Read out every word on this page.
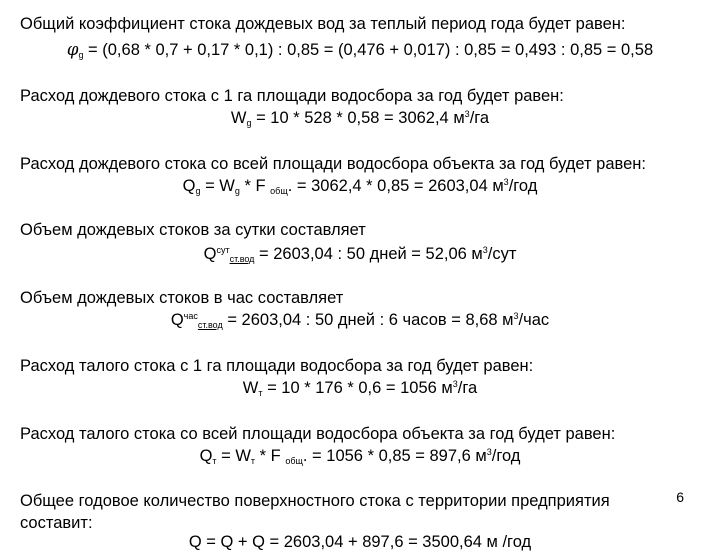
Общий коэффициент стока дождевых вод за теплый период года будет равен:
$\varphi_g = (0,68 * 0,7 + 0,17 * 0,1)$ : 0,85 = (0,476 + 0,017) : 0,85 = 0,493 : 0,85 = 0,58
Расход дождевого стока с 1 га площади водосбора за год будет равен:
$W_g = 10 * 528 * 0,58 = 3062,4$ $м^3/га$
Расход дождевого стока со всей площади водосбора объекта за год будет равен:
$Q_g = W_g * F$ $_{общ}$. = 3062,4 * 0,85 = 2603,04 $м^3$/год
Объем дождевых стоков за сутки составляет
$Q^{сут}_{ст.вод} = 2603,04$ : 50 дней = 52,06 $м^3$/сут
Объем дождевых стоков в час составляет
$Q^{час}_{ст.вод} = 2603,04$ : 50 дней : 6 часов = 8,68 $м^3$/час
Расход талого стока с 1 га площади водосбора за год будет равен:
$W_т = 10 * 176 * 0,6 = 1056$ $м^3/га$
Расход талого стока со всей площади водосбора объекта за год будет равен:
$Q_т = W_т * F$ $_{общ}$. = 1056 * 0,85 = 897,6 $м^3$/год
Общее годовое количество поверхностного стока с территории предприятия
составит:
Q = Q + Q = 2603,04 + 897,6 = 3500,64 м /год
6
